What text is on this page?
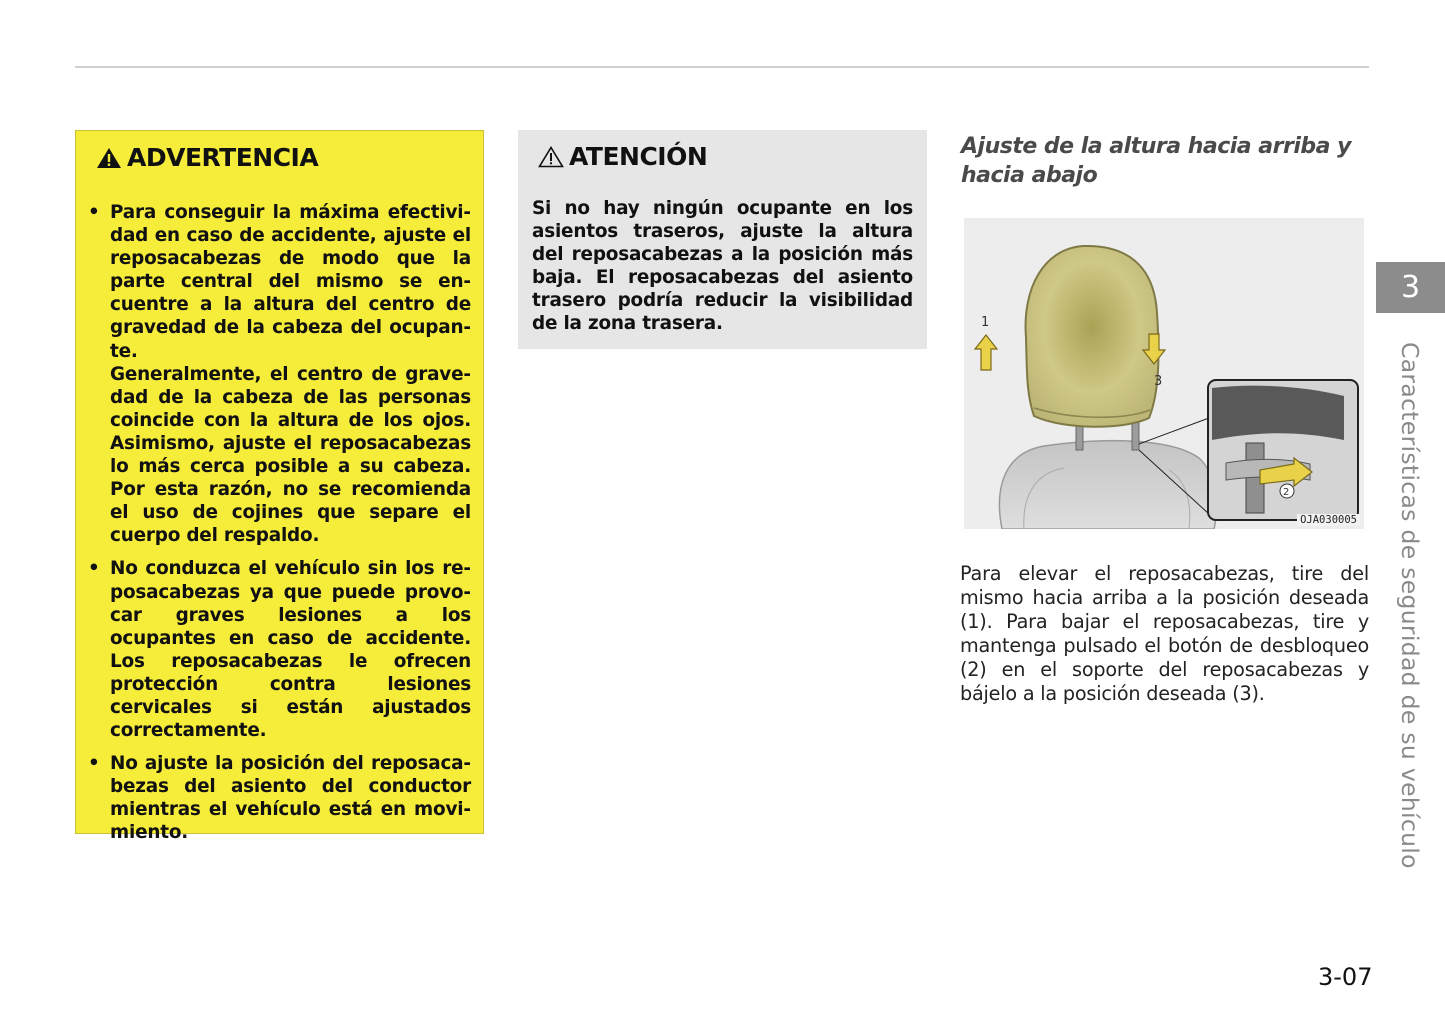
ADVERTENCIA
• Para conseguir la máxima efectividad en caso de accidente, ajuste el reposacabezas de modo que la parte central del mismo se encuentre a la altura del centro de gravedad de la cabeza del ocupante.
Generalmente, el centro de gravedad de la cabeza de las personas coincide con la altura de los ojos. Asimismo, ajuste el reposacabezas lo más cerca posible a su cabeza. Por esta razón, no se recomienda el uso de cojines que separe el cuerpo del respaldo.
• No conduzca el vehículo sin los reposacabezas ya que puede provocar graves lesiones a los ocupantes en caso de accidente. Los reposacabezas le ofrecen protección contra lesiones cervicales si están ajustados correctamente.
• No ajuste la posición del reposacabezas del asiento del conductor mientras el vehículo está en movimiento.
ATENCIÓN

Si no hay ningún ocupante en los asientos traseros, ajuste la altura del reposacabezas a la posición más baja. El reposacabezas del asiento trasero podría reducir la visibilidad de la zona trasera.

Ajuste de la altura hacia arriba y hacia abajo
1
3
2
OJA030005

Para elevar el reposacabezas, tire del mismo hacia arriba a la posición deseada (1). Para bajar el reposacabezas, tire y mantenga pulsado el botón de desbloqueo (2) en el soporte del reposacabezas y bájelo a la posición deseada (3).

3
Características de seguridad de su vehículo
3-07
